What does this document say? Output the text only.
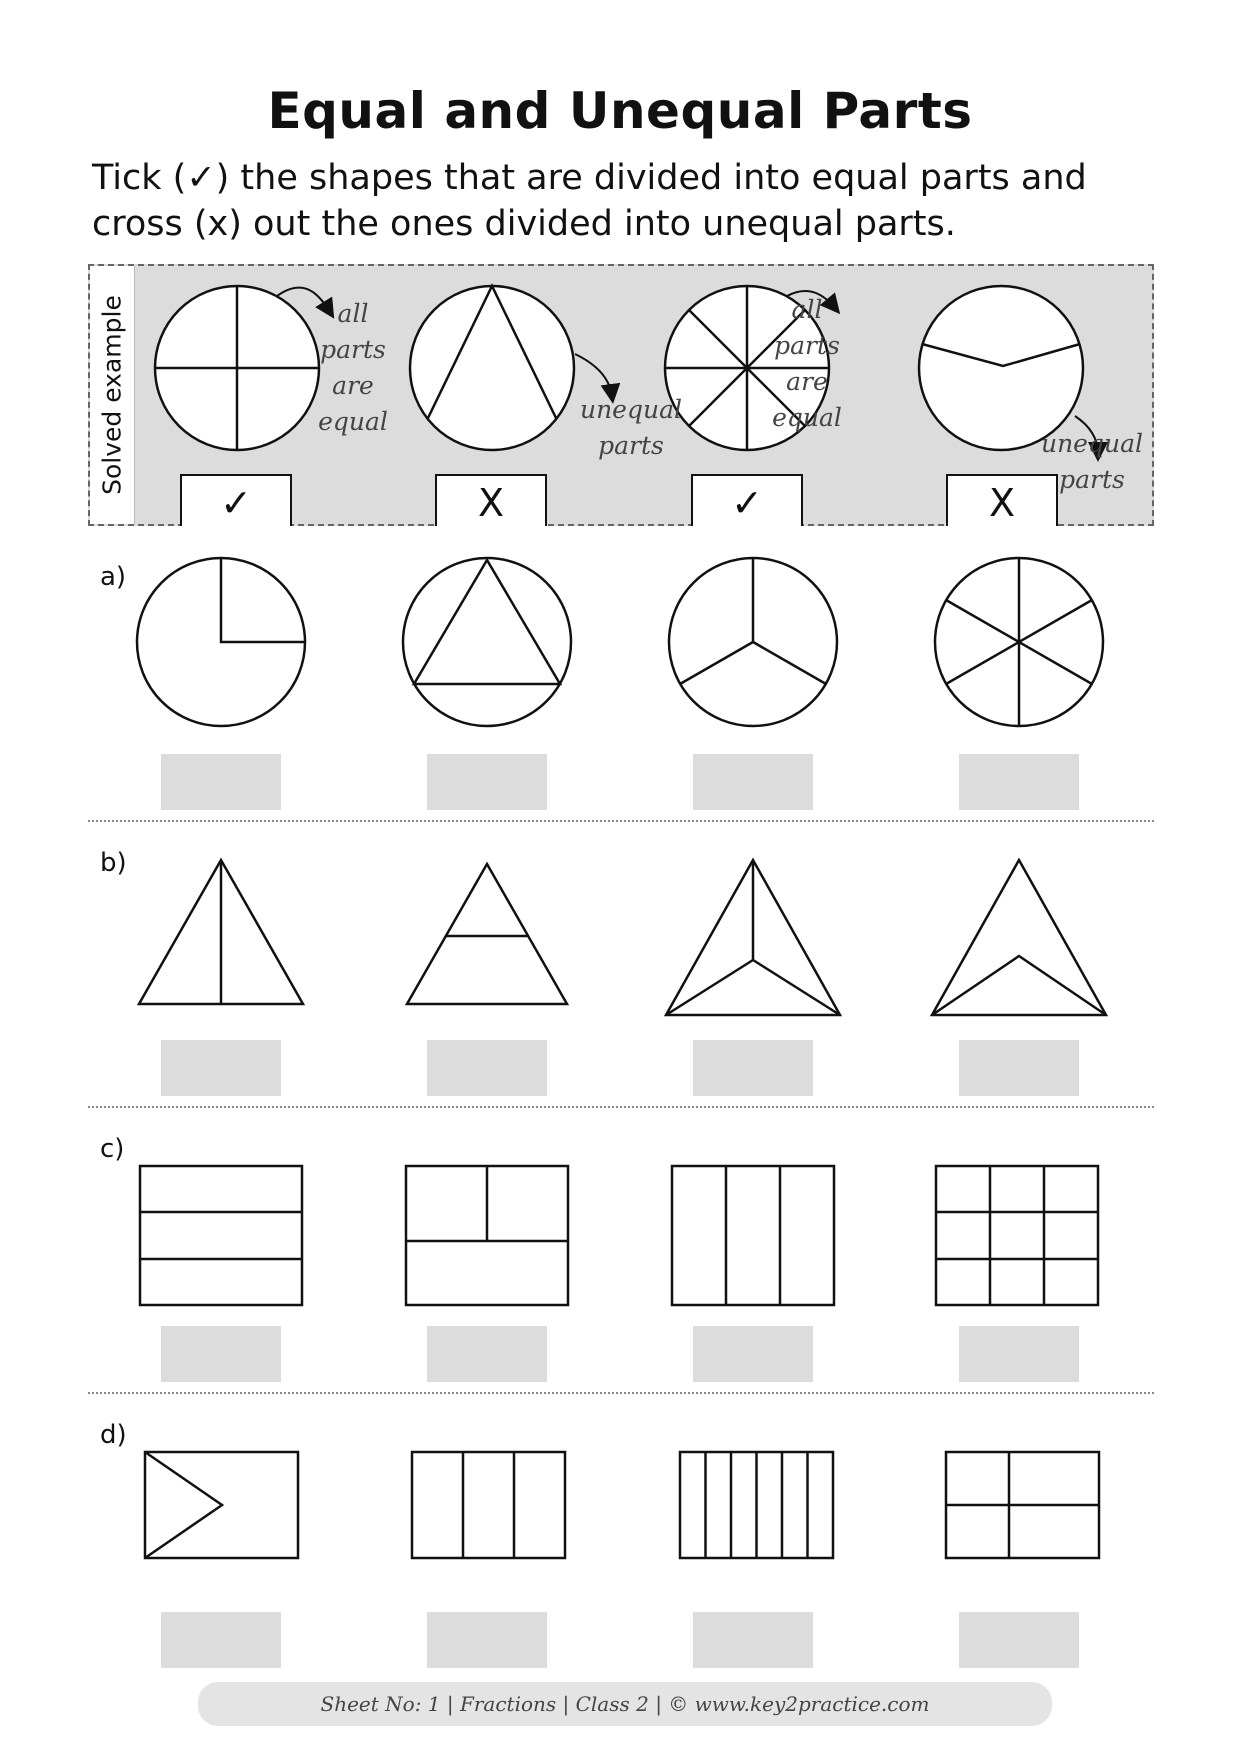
Equal and Unequal Parts
Tick (✓) the shapes that are divided into equal parts and
cross (x) out the ones divided into unequal parts.
Solved example	all
parts
are
equal	unequal
parts
all
parts
are
equal
unequal
parts
✓	X	✓	X
a)
b)
c)
d)
Sheet No: 1 | Fractions | Class 2 | © www.key2practice.com
